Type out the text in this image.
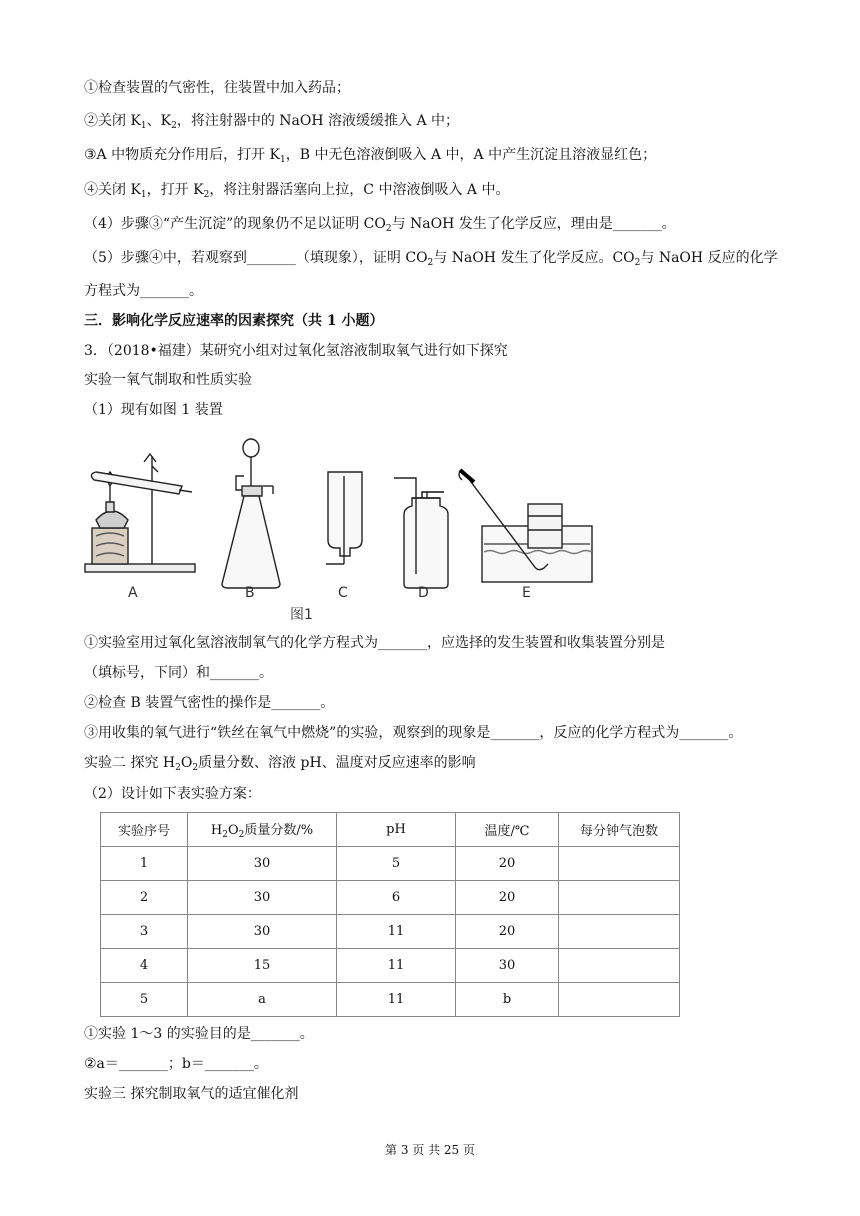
①检查装置的气密性，往装置中加入药品；
②关闭 $K_1$、$K_2$，将注射器中的 NaOH 溶液缓缓推入 A 中；
③A 中物质充分作用后，打开 $K_1$，B 中无色溶液倒吸入 A 中，A 中产生沉淀且溶液显红色；
④关闭 $K_1$，打开 $K_2$，将注射器活塞向上拉，C 中溶液倒吸入 A 中。
（4）步骤③“产生沉淀”的现象仍不足以证明 $CO_2$与 NaOH 发生了化学反应，理由是_______。
（5）步骤④中，若观察到_______（填现象），证明 $CO_2$与 NaOH 发生了化学反应。$CO_2$与 NaOH 反应的化学
方程式为_______。
三．影响化学反应速率的因素探究（共 1 小题）
3．（2018•福建）某研究小组对过氧化氢溶液制取氧气进行如下探究
实验一氧气制取和性质实验
（1）现有如图 1 装置
A	B	C	D	E
图1
①实验室用过氧化氢溶液制氧气的化学方程式为_______，应选择的发生装置和收集装置分别是
（填标号，下同）和_______。
②检查 B 装置气密性的操作是_______。
③用收集的氧气进行“铁丝在氧气中燃烧”的实验，观察到的现象是_______，反应的化学方程式为_______。
实验二 探究 $H_2O_2$质量分数、溶液 pH、温度对反应速率的影响
（2）设计如下表实验方案：
实验序号	$H_2O_2$质量分数/%	pH	温度/℃	每分钟气泡数
1	30	5	20	
2	30	6	20	
3	30	11	20	
4	15	11	30	
5	a	11	b	
①实验 1～3 的实验目的是_______。
②a＝_______；b＝_______。
实验三 探究制取氧气的适宜催化剂
第 3 页 共 25 页
